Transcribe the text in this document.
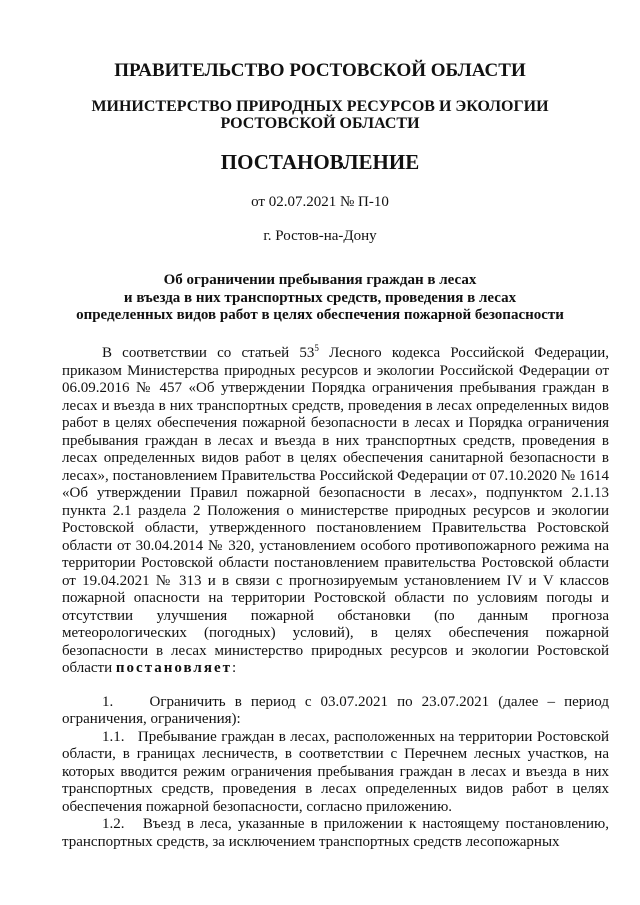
ПРАВИТЕЛЬСТВО РОСТОВСКОЙ ОБЛАСТИ
МИНИСТЕРСТВО ПРИРОДНЫХ РЕСУРСОВ И ЭКОЛОГИИ
РОСТОВСКОЙ ОБЛАСТИ
ПОСТАНОВЛЕНИЕ
от 02.07.2021 № П-10
г. Ростов-на-Дону
Об ограничении пребывания граждан в лесах
и въезда в них транспортных средств, проведения в лесах
определенных видов работ в целях обеспечения пожарной безопасности

В соответствии со статьей $53^5$ Лесного кодекса Российской Федерации, приказом Министерства природных ресурсов и экологии Российской Федерации от 06.09.2016 № 457 «Об утверждении Порядка ограничения пребывания граждан в лесах и въезда в них транспортных средств, проведения в лесах определенных видов работ в целях обеспечения пожарной безопасности в лесах и Порядка ограничения пребывания граждан в лесах и въезда в них транспортных средств, проведения в лесах определенных видов работ в целях обеспечения санитарной безопасности в лесах», постановлением Правительства Российской Федерации от 07.10.2020 № 1614 «Об утверждении Правил пожарной безопасности в лесах», подпунктом 2.1.13 пункта 2.1 раздела 2 Положения о министерстве природных ресурсов и экологии Ростовской области, утвержденного постановлением Правительства Ростовской области от 30.04.2014 № 320, установлением особого противопожарного режима на территории Ростовской области постановлением правительства Ростовской области от 19.04.2021 № 313 и в связи с прогнозируемым установлением IV и V классов пожарной опасности на территории Ростовской области по условиям погоды и отсутствии улучшения пожарной обстановки (по данным прогноза метеорологических (погодных) условий), в целях обеспечения пожарной безопасности в лесах министерство природных ресурсов и экологии Ростовской области постановляет:

1.    Ограничить в период с 03.07.2021 по 23.07.2021 (далее – период ограничения, ограничения):

1.1.   Пребывание граждан в лесах, расположенных на территории Ростовской области, в границах лесничеств, в соответствии с Перечнем лесных участков, на которых вводится режим ограничения пребывания граждан в лесах и въезда в них транспортных средств, проведения в лесах определенных видов работ в целях обеспечения пожарной безопасности, согласно приложению.

1.2.   Въезд в леса, указанные в приложении к настоящему постановлению, транспортных средств, за исключением транспортных средств лесопожарных
